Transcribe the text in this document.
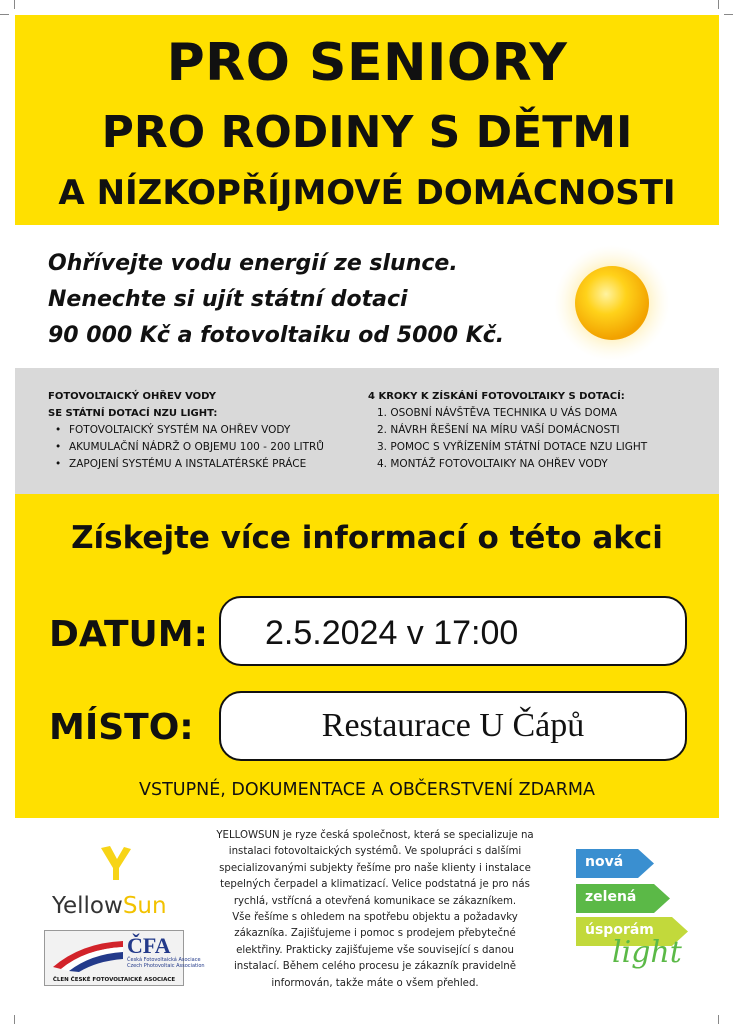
PRO SENIORY
PRO RODINY S DĚTMI
A NÍZKOPŘÍJMOVÉ DOMÁCNOSTI
Ohřívejte vodu energií ze slunce.
Nenechte si ujít státní dotaci
90 000 Kč a fotovoltaiku od 5000 Kč.
FOTOVOLTAICKÝ OHŘEV VODY
SE STÁTNÍ DOTACÍ NZU LIGHT:
• FOTOVOLTAICKÝ SYSTÉM NA OHŘEV VODY
• AKUMULAČNÍ NÁDRŽ O OBJEMU 100 - 200 LITRŮ
• ZAPOJENÍ SYSTÉMU A INSTALATÉRSKÉ PRÁCE
4 KROKY K ZÍSKÁNÍ FOTOVOLTAIKY S DOTACÍ:
1. OSOBNÍ NÁVŠTĚVA TECHNIKA U VÁS DOMA
2. NÁVRH ŘEŠENÍ NA MÍRU VAŠÍ DOMÁCNOSTI
3. POMOC S VYŘÍZENÍM STÁTNÍ DOTACE NZU LIGHT
4. MONTÁŽ FOTOVOLTAIKY NA OHŘEV VODY
Získejte více informací o této akci
DATUM:	2.5.2024 v 17:00
MÍSTO:	Restaurace U Čápů
VSTUPNÉ, DOKUMENTACE A OBČERSTVENÍ ZDARMA
YellowSun
ČFA
Česká Fotovoltaická Asociace
Czech Photovoltaic Association
ČLEN ČESKÉ FOTOVOLTAICKÉ ASOCIACE
YELLOWSUN je ryze česká společnost, která se specializuje na
instalaci fotovoltaických systémů. Ve spolupráci s dalšími
specializovanými subjekty řešíme pro naše klienty i instalace
tepelných čerpadel a klimatizací. Velice podstatná je pro nás
rychlá, vstřícná a otevřená komunikace se zákazníkem.
Vše řešíme s ohledem na spotřebu objektu a požadavky
zákazníka. Zajišťujeme i pomoc s prodejem přebytečné
elektřiny. Prakticky zajišťujeme vše související s danou
instalací. Během celého procesu je zákazník pravidelně
informován, takže máte o všem přehled.
nová
zelená
úsporám
light
